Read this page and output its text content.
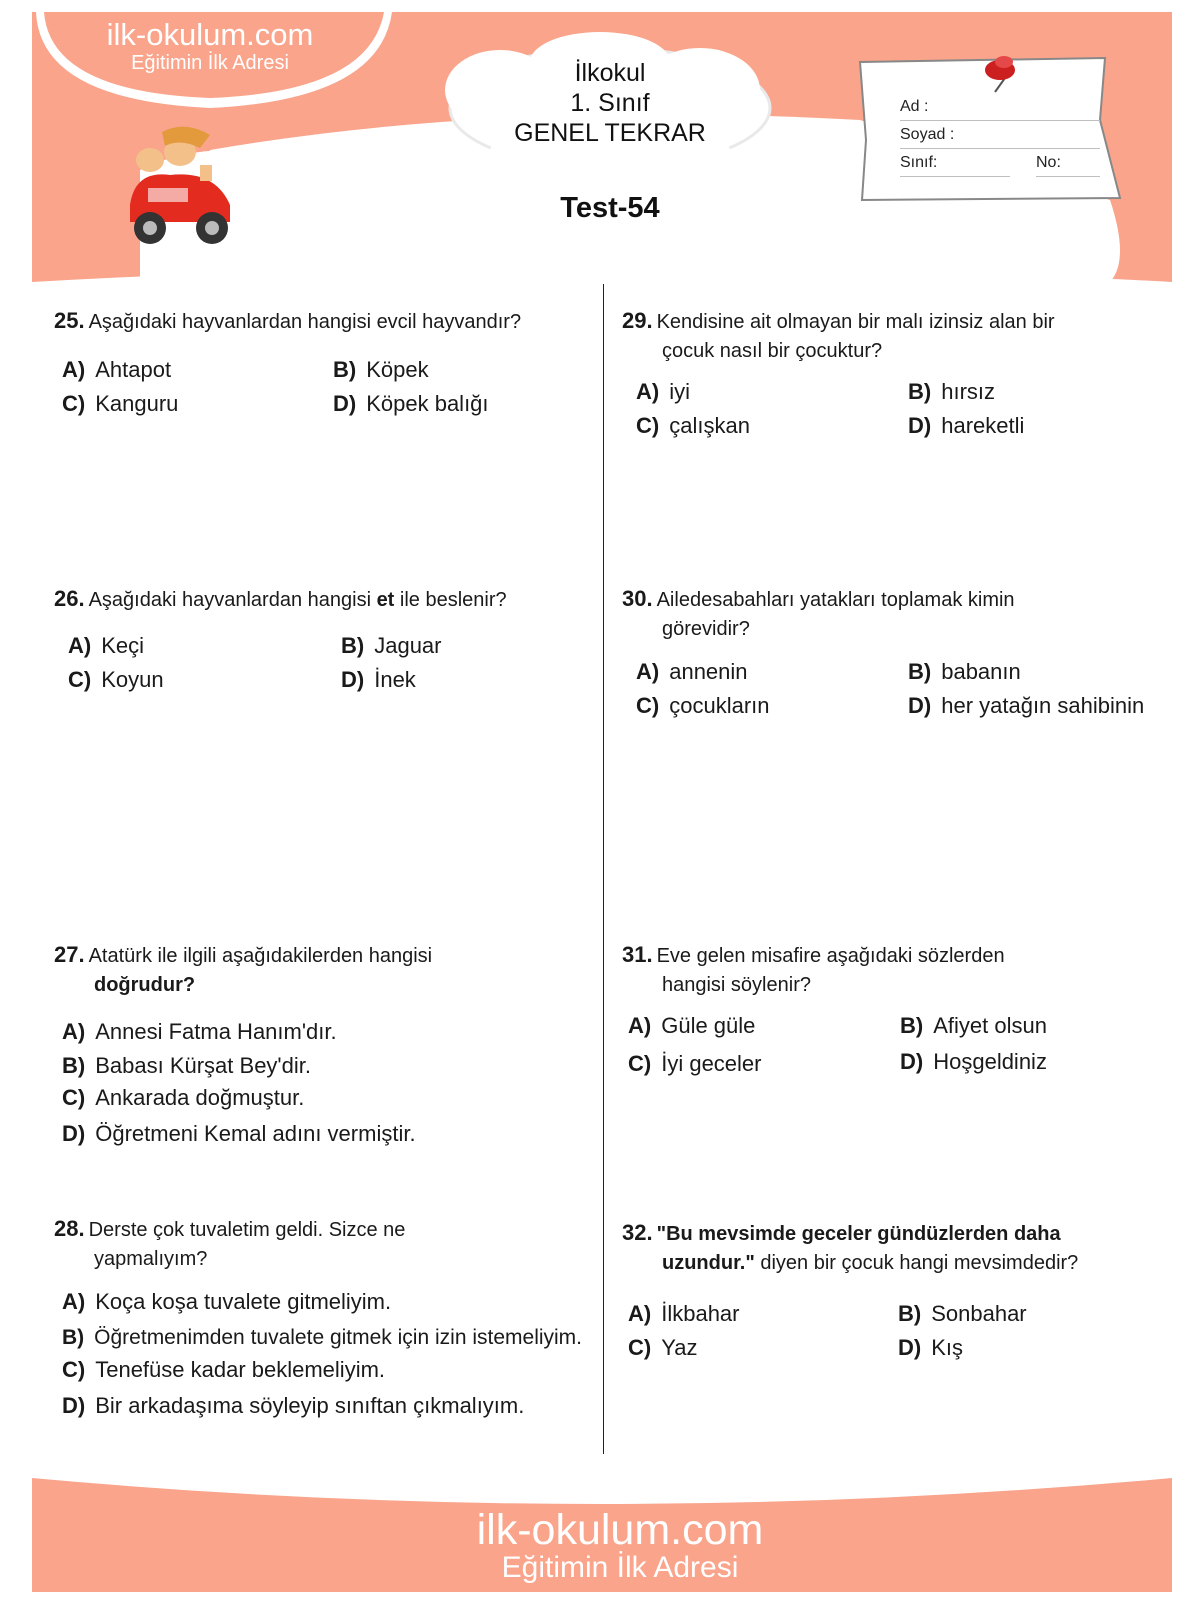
ilk-okulum.com
Eğitimin İlk Adresi	İlkokul
1. Sınıf
GENEL TEKRAR
Test-54
Ad :
Soyad :
Sınıf:	No:
25. Aşağıdaki hayvanlardan hangisi evcil hayvandır?
A) Ahtapot	B) Köpek
C) Kanguru	D) Köpek balığı
26. Aşağıdaki hayvanlardan hangisi et ile beslenir?
A) Keçi	B) Jaguar
C) Koyun	D) İnek
27. Atatürk ile ilgili aşağıdakilerden hangisi
doğrudur?
A) Annesi Fatma Hanım'dır.
B) Babası Kürşat Bey'dir.
C) Ankarada doğmuştur.
D) Öğretmeni Kemal adını vermiştir.
28. Derste çok tuvaletim geldi. Sizce ne
yapmalıyım?
A) Koça koşa tuvalete gitmeliyim.
B) Öğretmenimden tuvalete gitmek için izin istemeliyim.
C) Tenefüse kadar beklemeliyim.
D) Bir arkadaşıma söyleyip sınıftan çıkmalıyım.
29. Kendisine ait olmayan bir malı izinsiz alan bir
çocuk nasıl bir çocuktur?
A) iyi	B) hırsız
C) çalışkan	D) hareketli
30. Ailedesabahları yatakları toplamak kimin
görevidir?
A) annenin	B) babanın
C) çocukların	D) her yatağın sahibinin
31. Eve gelen misafire aşağıdaki sözlerden
hangisi söylenir?
A) Güle güle	B) Afiyet olsun
C) İyi geceler	D) Hoşgeldiniz
32. "Bu mevsimde geceler gündüzlerden daha
uzundur." diyen bir çocuk hangi mevsimdedir?
A) İlkbahar	B) Sonbahar
C) Yaz	D) Kış
ilk-okulum.com
Eğitimin İlk Adresi
